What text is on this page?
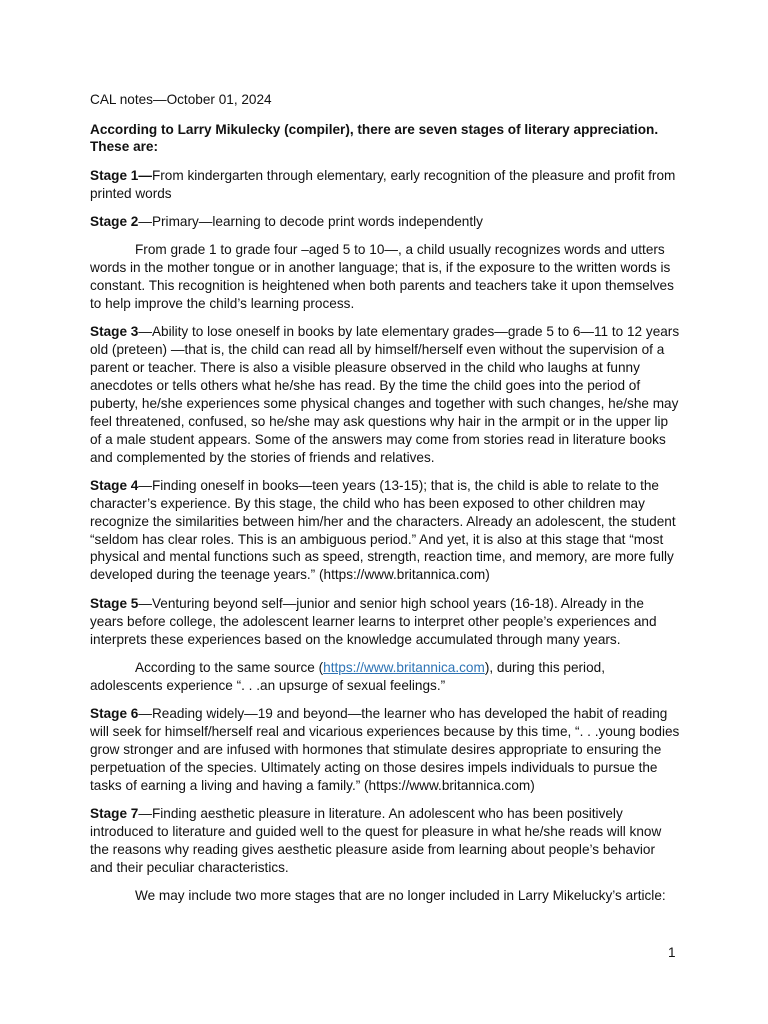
CAL notes—October 01, 2024

According to Larry Mikulecky (compiler), there are seven stages of literary appreciation. These are:

Stage 1—From kindergarten through elementary, early recognition of the pleasure and profit from printed words

Stage 2—Primary—learning to decode print words independently

From grade 1 to grade four –aged 5 to 10—, a child usually recognizes words and utters words in the mother tongue or in another language; that is, if the exposure to the written words is constant. This recognition is heightened when both parents and teachers take it upon themselves to help improve the child’s learning process.

Stage 3—Ability to lose oneself in books by late elementary grades—grade 5 to 6—11 to 12 years old (preteen) —that is, the child can read all by himself/herself even without the supervision of a parent or teacher. There is also a visible pleasure observed in the child who laughs at funny anecdotes or tells others what he/she has read. By the time the child goes into the period of puberty, he/she experiences some physical changes and together with such changes, he/she may feel threatened, confused, so he/she may ask questions why hair in the armpit or in the upper lip of a male student appears. Some of the answers may come from stories read in literature books and complemented by the stories of friends and relatives.

Stage 4—Finding oneself in books—teen years (13-15); that is, the child is able to relate to the character’s experience. By this stage, the child who has been exposed to other children may recognize the similarities between him/her and the characters. Already an adolescent, the student “seldom has clear roles. This is an ambiguous period.” And yet, it is also at this stage that “most physical and mental functions such as speed, strength, reaction time, and memory, are more fully developed during the teenage years.” (https://www.britannica.com)

Stage 5—Venturing beyond self—junior and senior high school years (16-18). Already in the years before college, the adolescent learner learns to interpret other people’s experiences and interprets these experiences based on the knowledge accumulated through many years.

According to the same source (https://www.britannica.com), during this period, adolescents experience “. . .an upsurge of sexual feelings.”

Stage 6—Reading widely—19 and beyond—the learner who has developed the habit of reading will seek for himself/herself real and vicarious experiences because by this time, “. . .young bodies grow stronger and are infused with hormones that stimulate desires appropriate to ensuring the perpetuation of the species. Ultimately acting on those desires impels individuals to pursue the tasks of earning a living and having a family.” (https://www.britannica.com)

Stage 7—Finding aesthetic pleasure in literature. An adolescent who has been positively introduced to literature and guided well to the quest for pleasure in what he/she reads will know the reasons why reading gives aesthetic pleasure aside from learning about people’s behavior and their peculiar characteristics.

We may include two more stages that are no longer included in Larry Mikelucky’s article:

1
